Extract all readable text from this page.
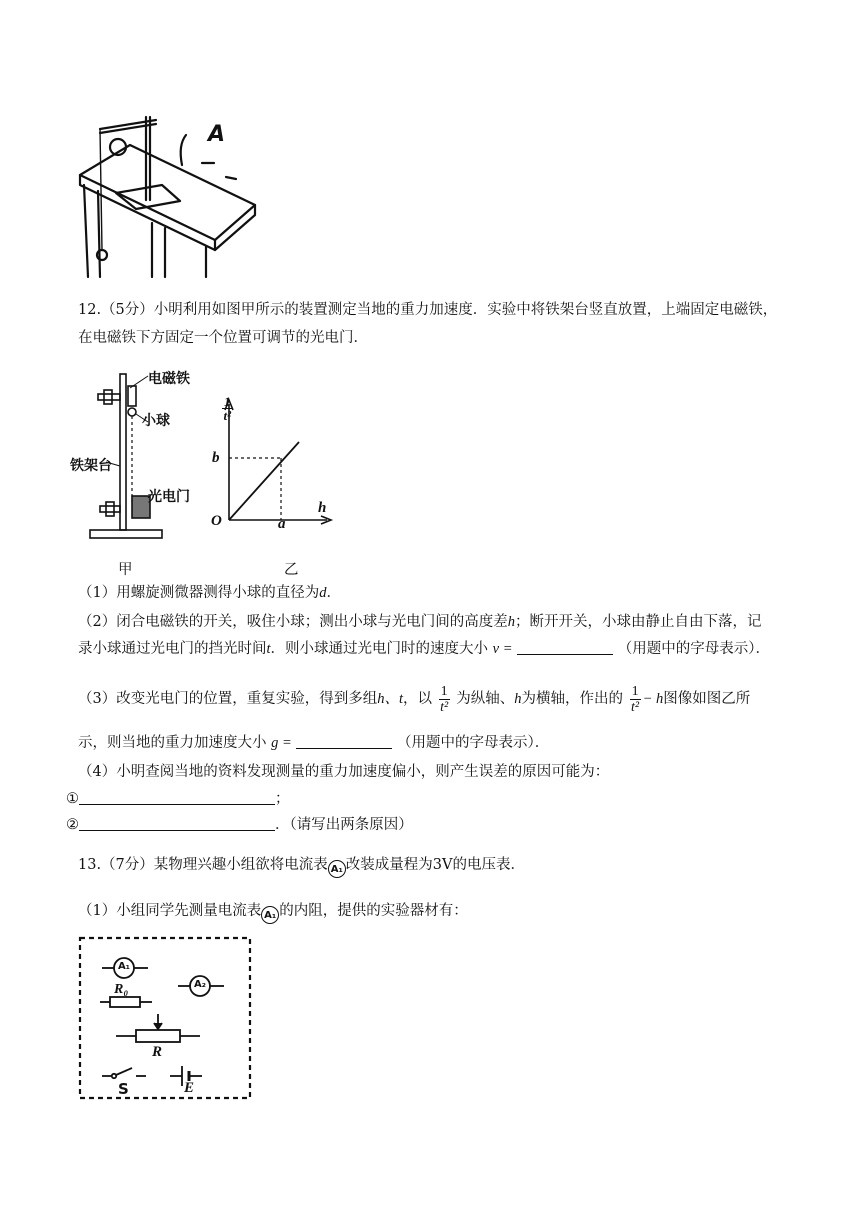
A
12.（5分）小明利用如图甲所示的装置测定当地的重力加速度．实验中将铁架台竖直放置，上端固定电磁铁，
在电磁铁下方固定一个位置可调节的光电门．
电磁铁
小球
铁架台
光电门
$\frac{1}{\text{t²}}$
b
O	a
h
甲	乙
（1）用螺旋测微器测得小球的直径为d．
（2）闭合电磁铁的开关，吸住小球；测出小球与光电门间的高度差h；断开开关，小球由静止自由下落，记
录小球通过光电门的挡光时间t．则小球通过光电门时的速度大小 v =	（用题中的字母表示）．
（3）改变光电门的位置，重复实验，得到多组h、t，以 $\frac{1}{\text{t²}}$ 为纵轴、h为横轴，作出的 $\frac{1}{\text{t²}} - h$图像如图乙所
示，则当地的重力加速度大小 g =	（用题中的字母表示）．
（4）小明查阅当地的资料发现测量的重力加速度偏小，则产生误差的原因可能为：
①	；
②	．（请写出两条原因）
13.（7分）某物理兴趣小组欲将电流表 A₁ 改装成量程为3V的电压表．
（1）小组同学先测量电流表 A₁ 的内阻，提供的实验器材有：
A₁
A₂
R₀
R
S	E
